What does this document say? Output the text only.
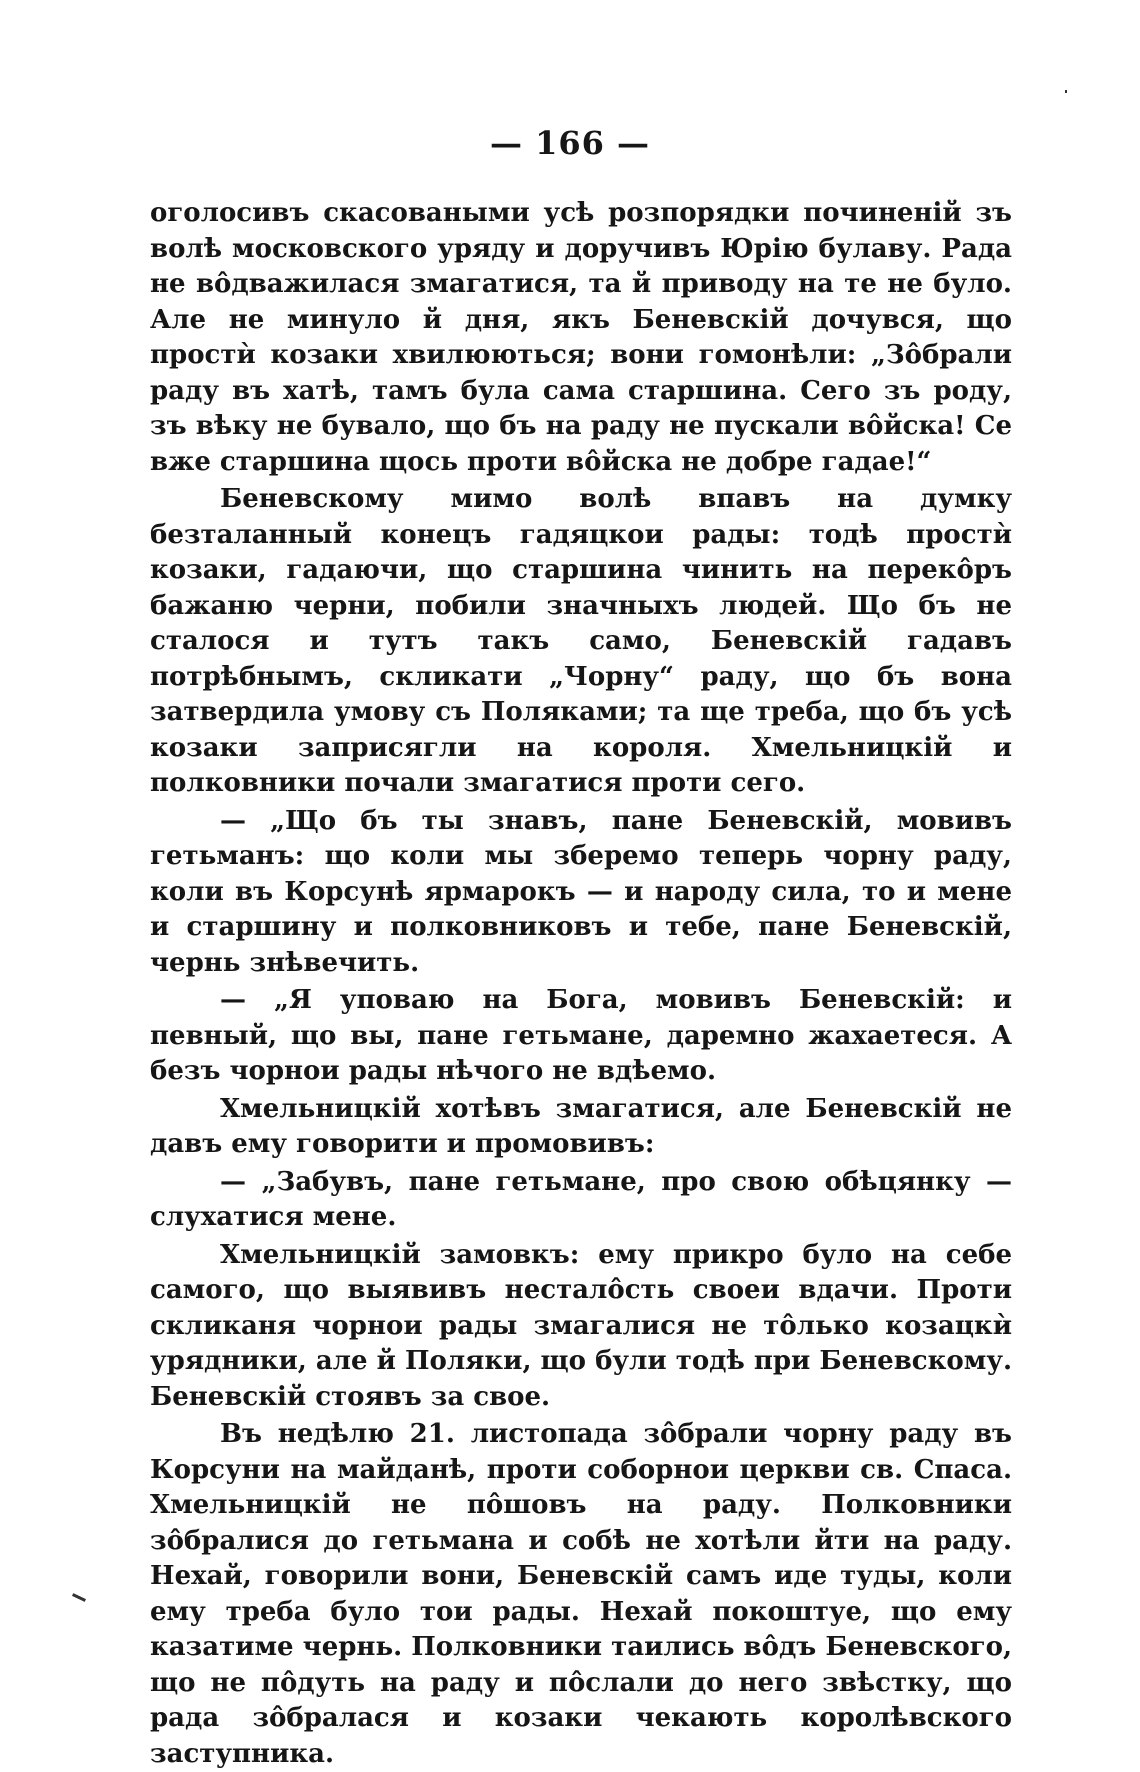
— 166 —

оголосивъ скасоваными усѣ розпорядки починеній зъ волѣ московского уряду и доручивъ Юрію булаву. Рада не вôдважилася змагатися, та й приводу на те не було. Але не минуло й дня, якъ Беневскій дочувся, що простѝ козаки хвилюються; вони гомонѣли: „Зôбрали раду въ хатѣ, тамъ була сама старшина. Сего зъ роду, зъ вѣку не бувало, що бъ на раду не пускали вôйска! Се вже старшина щось проти вôйска не добре гадае!“

Беневскому мимо волѣ впавъ на думку безталанный конецъ гадяцкои рады: тодѣ простѝ козаки, гадаючи, що старшина чинить на перекôръ бажаню черни, побили значныхъ людей. Що бъ не сталося и тутъ такъ само, Беневскій гадавъ потрѣбнымъ, скликати „Чорну“ раду, що бъ вона затвердила умову съ Поляками; та ще треба, що бъ усѣ козаки заприсягли на короля. Хмельницкій и полковники почали змагатися проти сего.

— „Що бъ ты знавъ, пане Беневскій, мовивъ гетьманъ: що коли мы зберемо теперь чорну раду, коли въ Корсунѣ ярмарокъ — и народу сила, то и мене и старшину и полковниковъ и тебе, пане Беневскій, чернь знѣвечить.

— „Я уповаю на Бога, мовивъ Беневскій: и певный, що вы, пане гетьмане, даремно жахаетеся. А безъ чорнои рады нѣчого не вдѣемо.

Хмельницкій хотѣвъ змагатися, але Беневскій не давъ ему говорити и промовивъ:

— „Забувъ, пане гетьмане, про свою обѣцянку — слухатися мене.

Хмельницкій замовкъ: ему прикро було на себе самого, що выявивъ несталôсть своеи вдачи. Проти скликаня чорнои рады змагалися не тôлько козацкѝ урядники, але й Поляки, що були тодѣ при Беневскому. Беневскій стоявъ за свое.

Въ недѣлю 21. листопада зôбрали чорну раду въ Корсуни на майданѣ, проти соборнои церкви св. Спаса. Хмельницкій не пôшовъ на раду. Полковники зôбралися до гетьмана и собѣ не хотѣли йти на раду. Нехай, говорили вони, Беневскій самъ иде туды, коли ему треба було тои рады. Нехай покоштуе, що ему казатиме чернь. Полковники таились вôдъ Беневского, що не пôдуть на раду и пôслали до него звѣстку, що рада зôбралася и козаки чекають королѣвского заступника.
